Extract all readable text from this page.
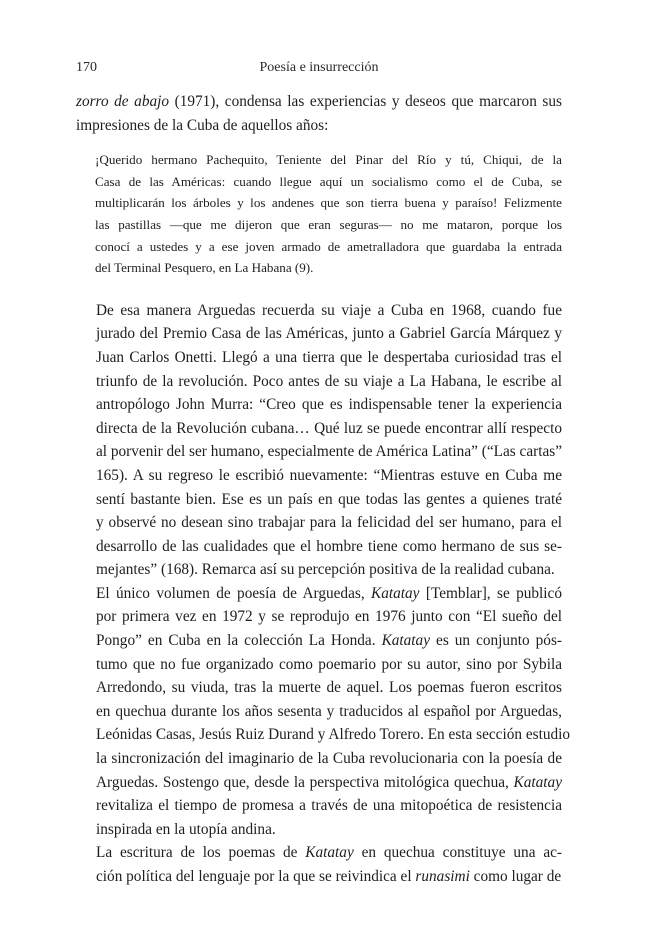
170	Poesía e insurrección
zorro de abajo (1971), condensa las experiencias y deseos que marcaron sus
impresiones de la Cuba de aquellos años:
¡Querido hermano Pachequito, Teniente del Pinar del Río y tú, Chiqui, de la
Casa de las Américas: cuando llegue aquí un socialismo como el de Cuba, se
multiplicarán los árboles y los andenes que son tierra buena y paraíso! Felizmente
las pastillas —que me dijeron que eran seguras— no me mataron, porque los
conocí a ustedes y a ese joven armado de ametralladora que guardaba la entrada
del Terminal Pesquero, en La Habana (9).
De esa manera Arguedas recuerda su viaje a Cuba en 1968, cuando fue
jurado del Premio Casa de las Américas, junto a Gabriel García Márquez y
Juan Carlos Onetti. Llegó a una tierra que le despertaba curiosidad tras el
triunfo de la revolución. Poco antes de su viaje a La Habana, le escribe al
antropólogo John Murra: “Creo que es indispensable tener la experiencia
directa de la Revolución cubana… Qué luz se puede encontrar allí respecto
al porvenir del ser humano, especialmente de América Latina” (“Las cartas”
165). A su regreso le escribió nuevamente: “Mientras estuve en Cuba me
sentí bastante bien. Ese es un país en que todas las gentes a quienes traté
y observé no desean sino trabajar para la felicidad del ser humano, para el
desarrollo de las cualidades que el hombre tiene como hermano de sus se-
mejantes” (168). Remarca así su percepción positiva de la realidad cubana.
El único volumen de poesía de Arguedas, Katatay [Temblar], se publicó
por primera vez en 1972 y se reprodujo en 1976 junto con “El sueño del
Pongo” en Cuba en la colección La Honda. Katatay es un conjunto pós-
tumo que no fue organizado como poemario por su autor, sino por Sybila
Arredondo, su viuda, tras la muerte de aquel. Los poemas fueron escritos
en quechua durante los años sesenta y traducidos al español por Arguedas,
Leónidas Casas, Jesús Ruiz Durand y Alfredo Torero. En esta sección estudio
la sincronización del imaginario de la Cuba revolucionaria con la poesía de
Arguedas. Sostengo que, desde la perspectiva mitológica quechua, Katatay
revitaliza el tiempo de promesa a través de una mitopoética de resistencia
inspirada en la utopía andina.
La escritura de los poemas de Katatay en quechua constituye una ac-
ción política del lenguaje por la que se reivindica el runasimi como lugar de
